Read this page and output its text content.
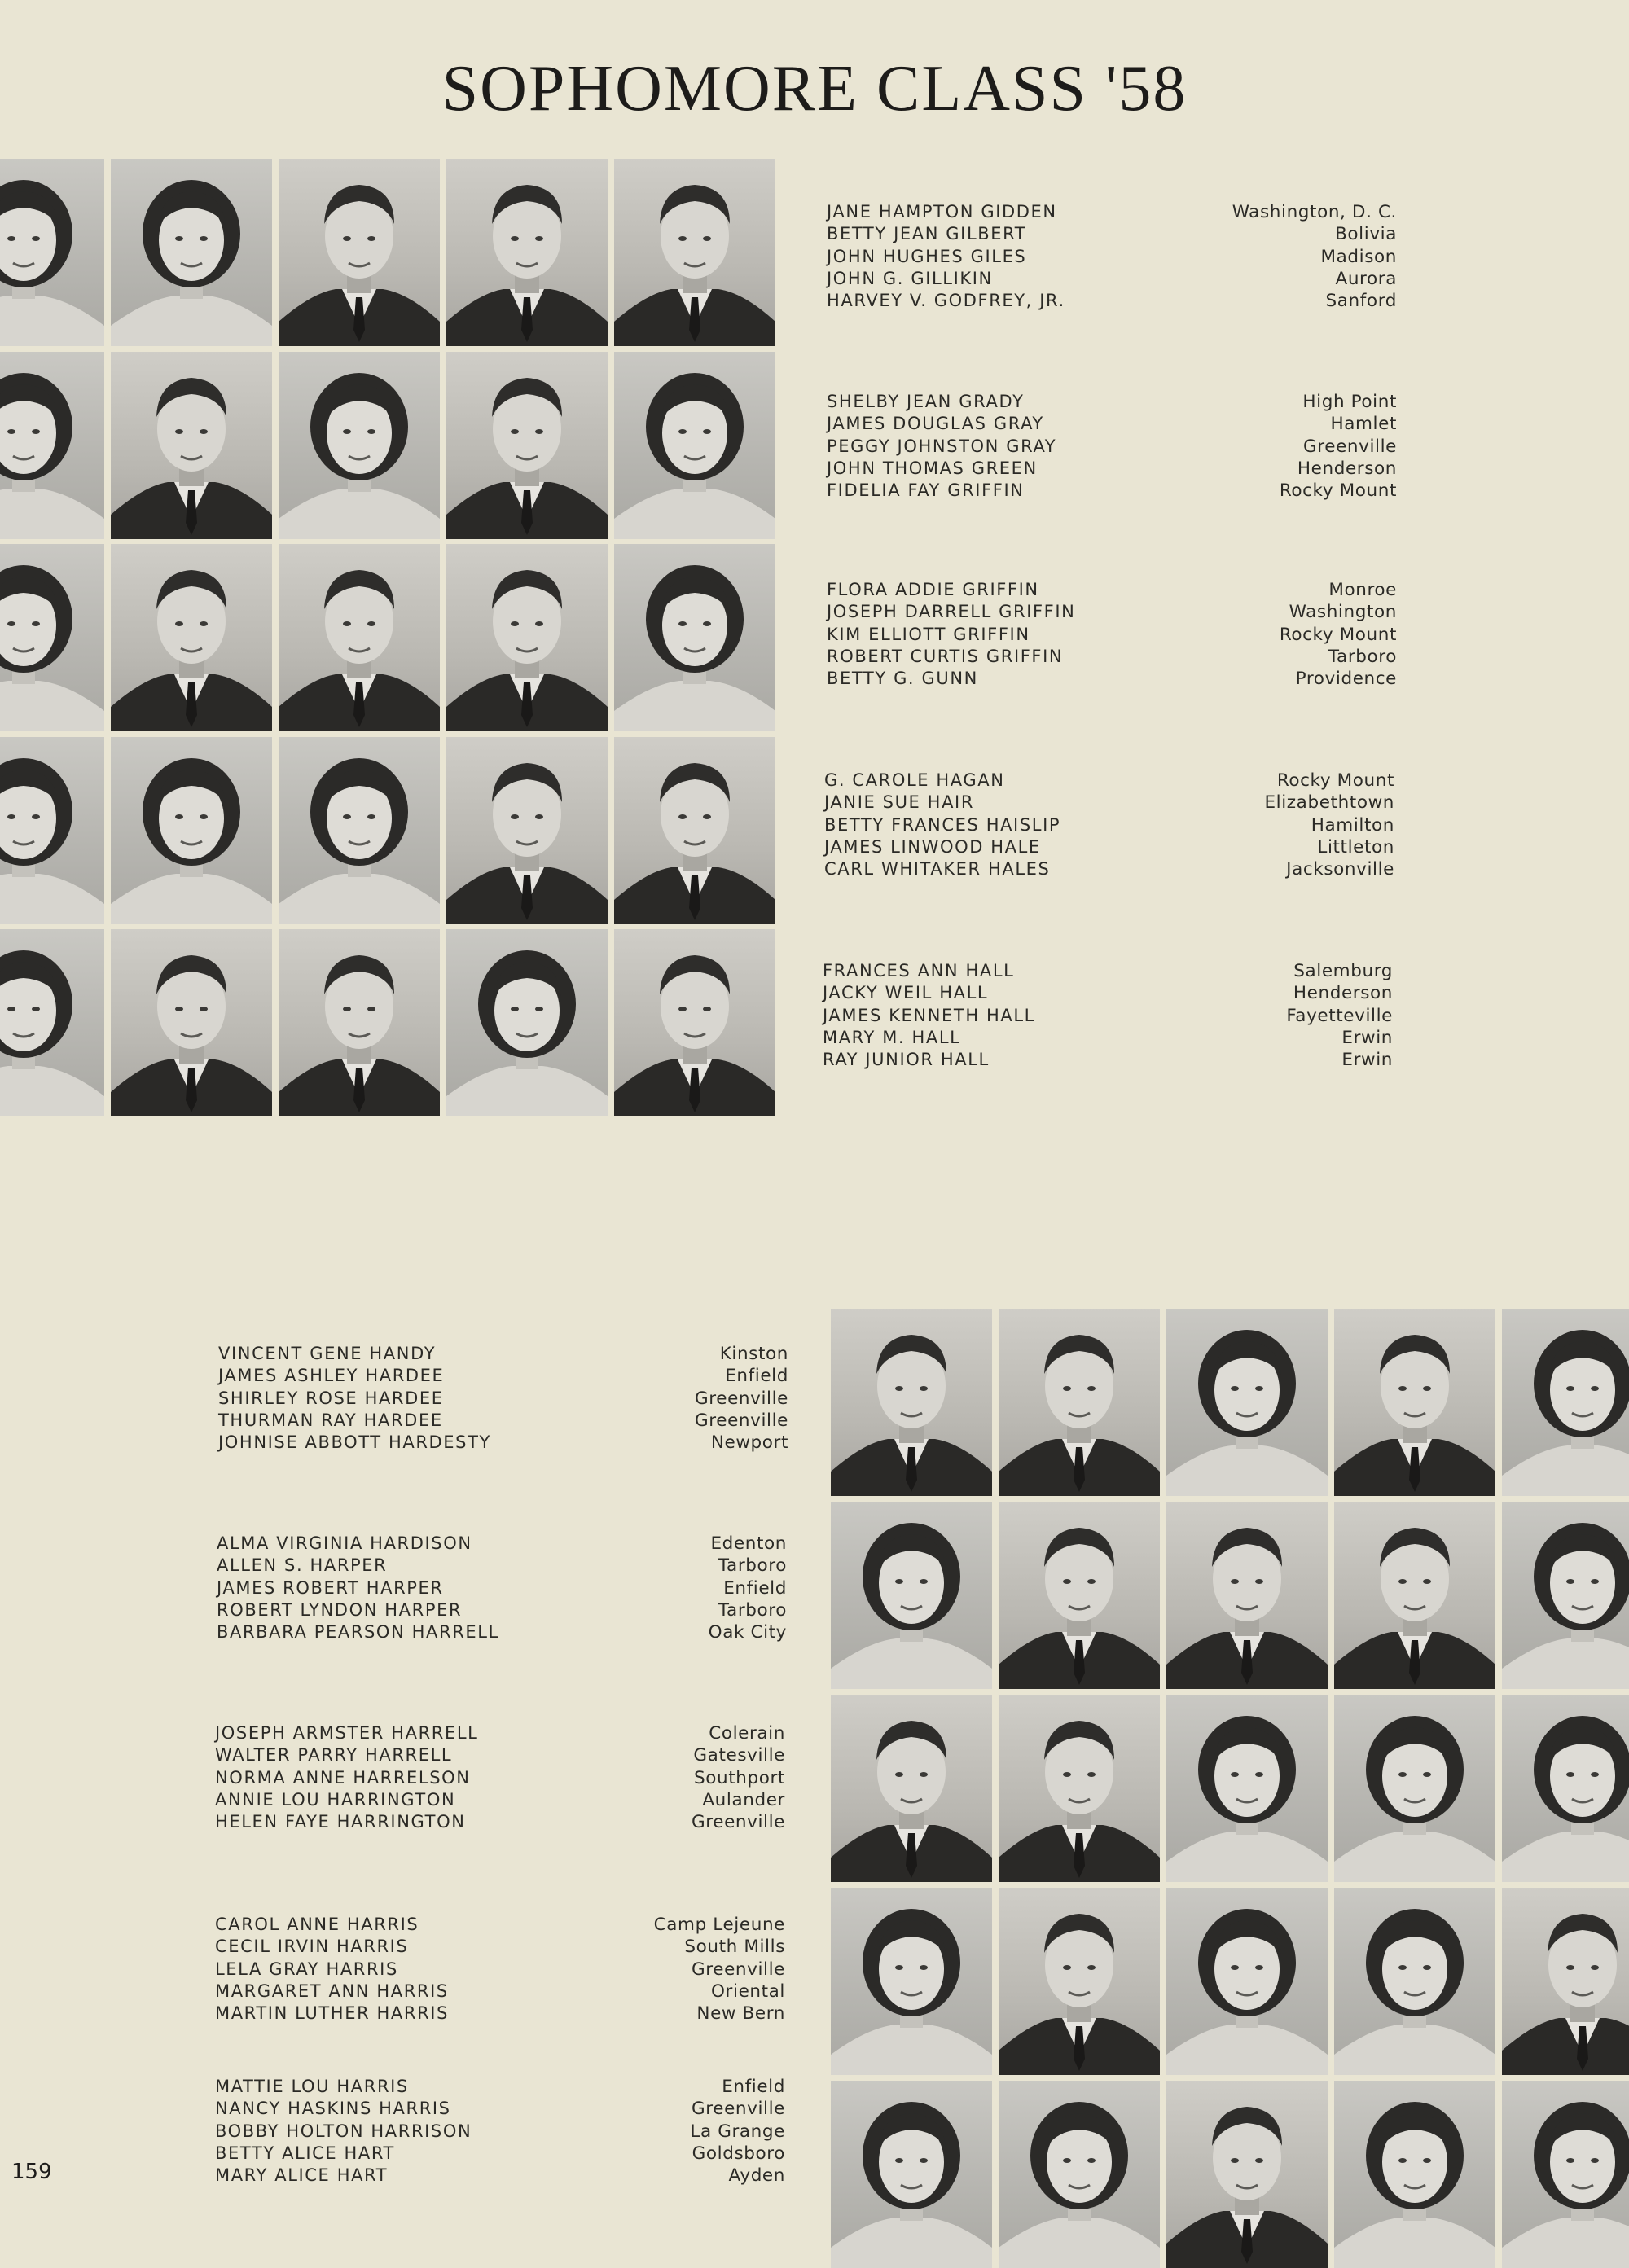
SOPHOMORE CLASS '58
JANE HAMPTON GIDDEN	Washington, D. C.
BETTY JEAN GILBERT	Bolivia
JOHN HUGHES GILES	Madison
JOHN G. GILLIKIN	Aurora
HARVEY V. GODFREY, JR.	Sanford
SHELBY JEAN GRADY	High Point
JAMES DOUGLAS GRAY	Hamlet
PEGGY JOHNSTON GRAY	Greenville
JOHN THOMAS GREEN	Henderson
FIDELIA FAY GRIFFIN	Rocky Mount
FLORA ADDIE GRIFFIN	Monroe
JOSEPH DARRELL GRIFFIN	Washington
KIM ELLIOTT GRIFFIN	Rocky Mount
ROBERT CURTIS GRIFFIN	Tarboro
BETTY G. GUNN	Providence
G. CAROLE HAGAN	Rocky Mount
JANIE SUE HAIR	Elizabethtown
BETTY FRANCES HAISLIP	Hamilton
JAMES LINWOOD HALE	Littleton
CARL WHITAKER HALES	Jacksonville
FRANCES ANN HALL	Salemburg
JACKY WEIL HALL	Henderson
JAMES KENNETH HALL	Fayetteville
MARY M. HALL	Erwin
RAY JUNIOR HALL	Erwin
VINCENT GENE HANDY	Kinston
JAMES ASHLEY HARDEE	Enfield
SHIRLEY ROSE HARDEE	Greenville
THURMAN RAY HARDEE	Greenville
JOHNISE ABBOTT HARDESTY	Newport
ALMA VIRGINIA HARDISON	Edenton
ALLEN S. HARPER	Tarboro
JAMES ROBERT HARPER	Enfield
ROBERT LYNDON HARPER	Tarboro
BARBARA PEARSON HARRELL	Oak City
JOSEPH ARMSTER HARRELL	Colerain
WALTER PARRY HARRELL	Gatesville
NORMA ANNE HARRELSON	Southport
ANNIE LOU HARRINGTON	Aulander
HELEN FAYE HARRINGTON	Greenville
CAROL ANNE HARRIS	Camp Lejeune
CECIL IRVIN HARRIS	South Mills
LELA GRAY HARRIS	Greenville
MARGARET ANN HARRIS	Oriental
MARTIN LUTHER HARRIS	New Bern
MATTIE LOU HARRIS	Enfield
NANCY HASKINS HARRIS	Greenville
BOBBY HOLTON HARRISON	La Grange
BETTY ALICE HART	Goldsboro
MARY ALICE HART	Ayden
159
